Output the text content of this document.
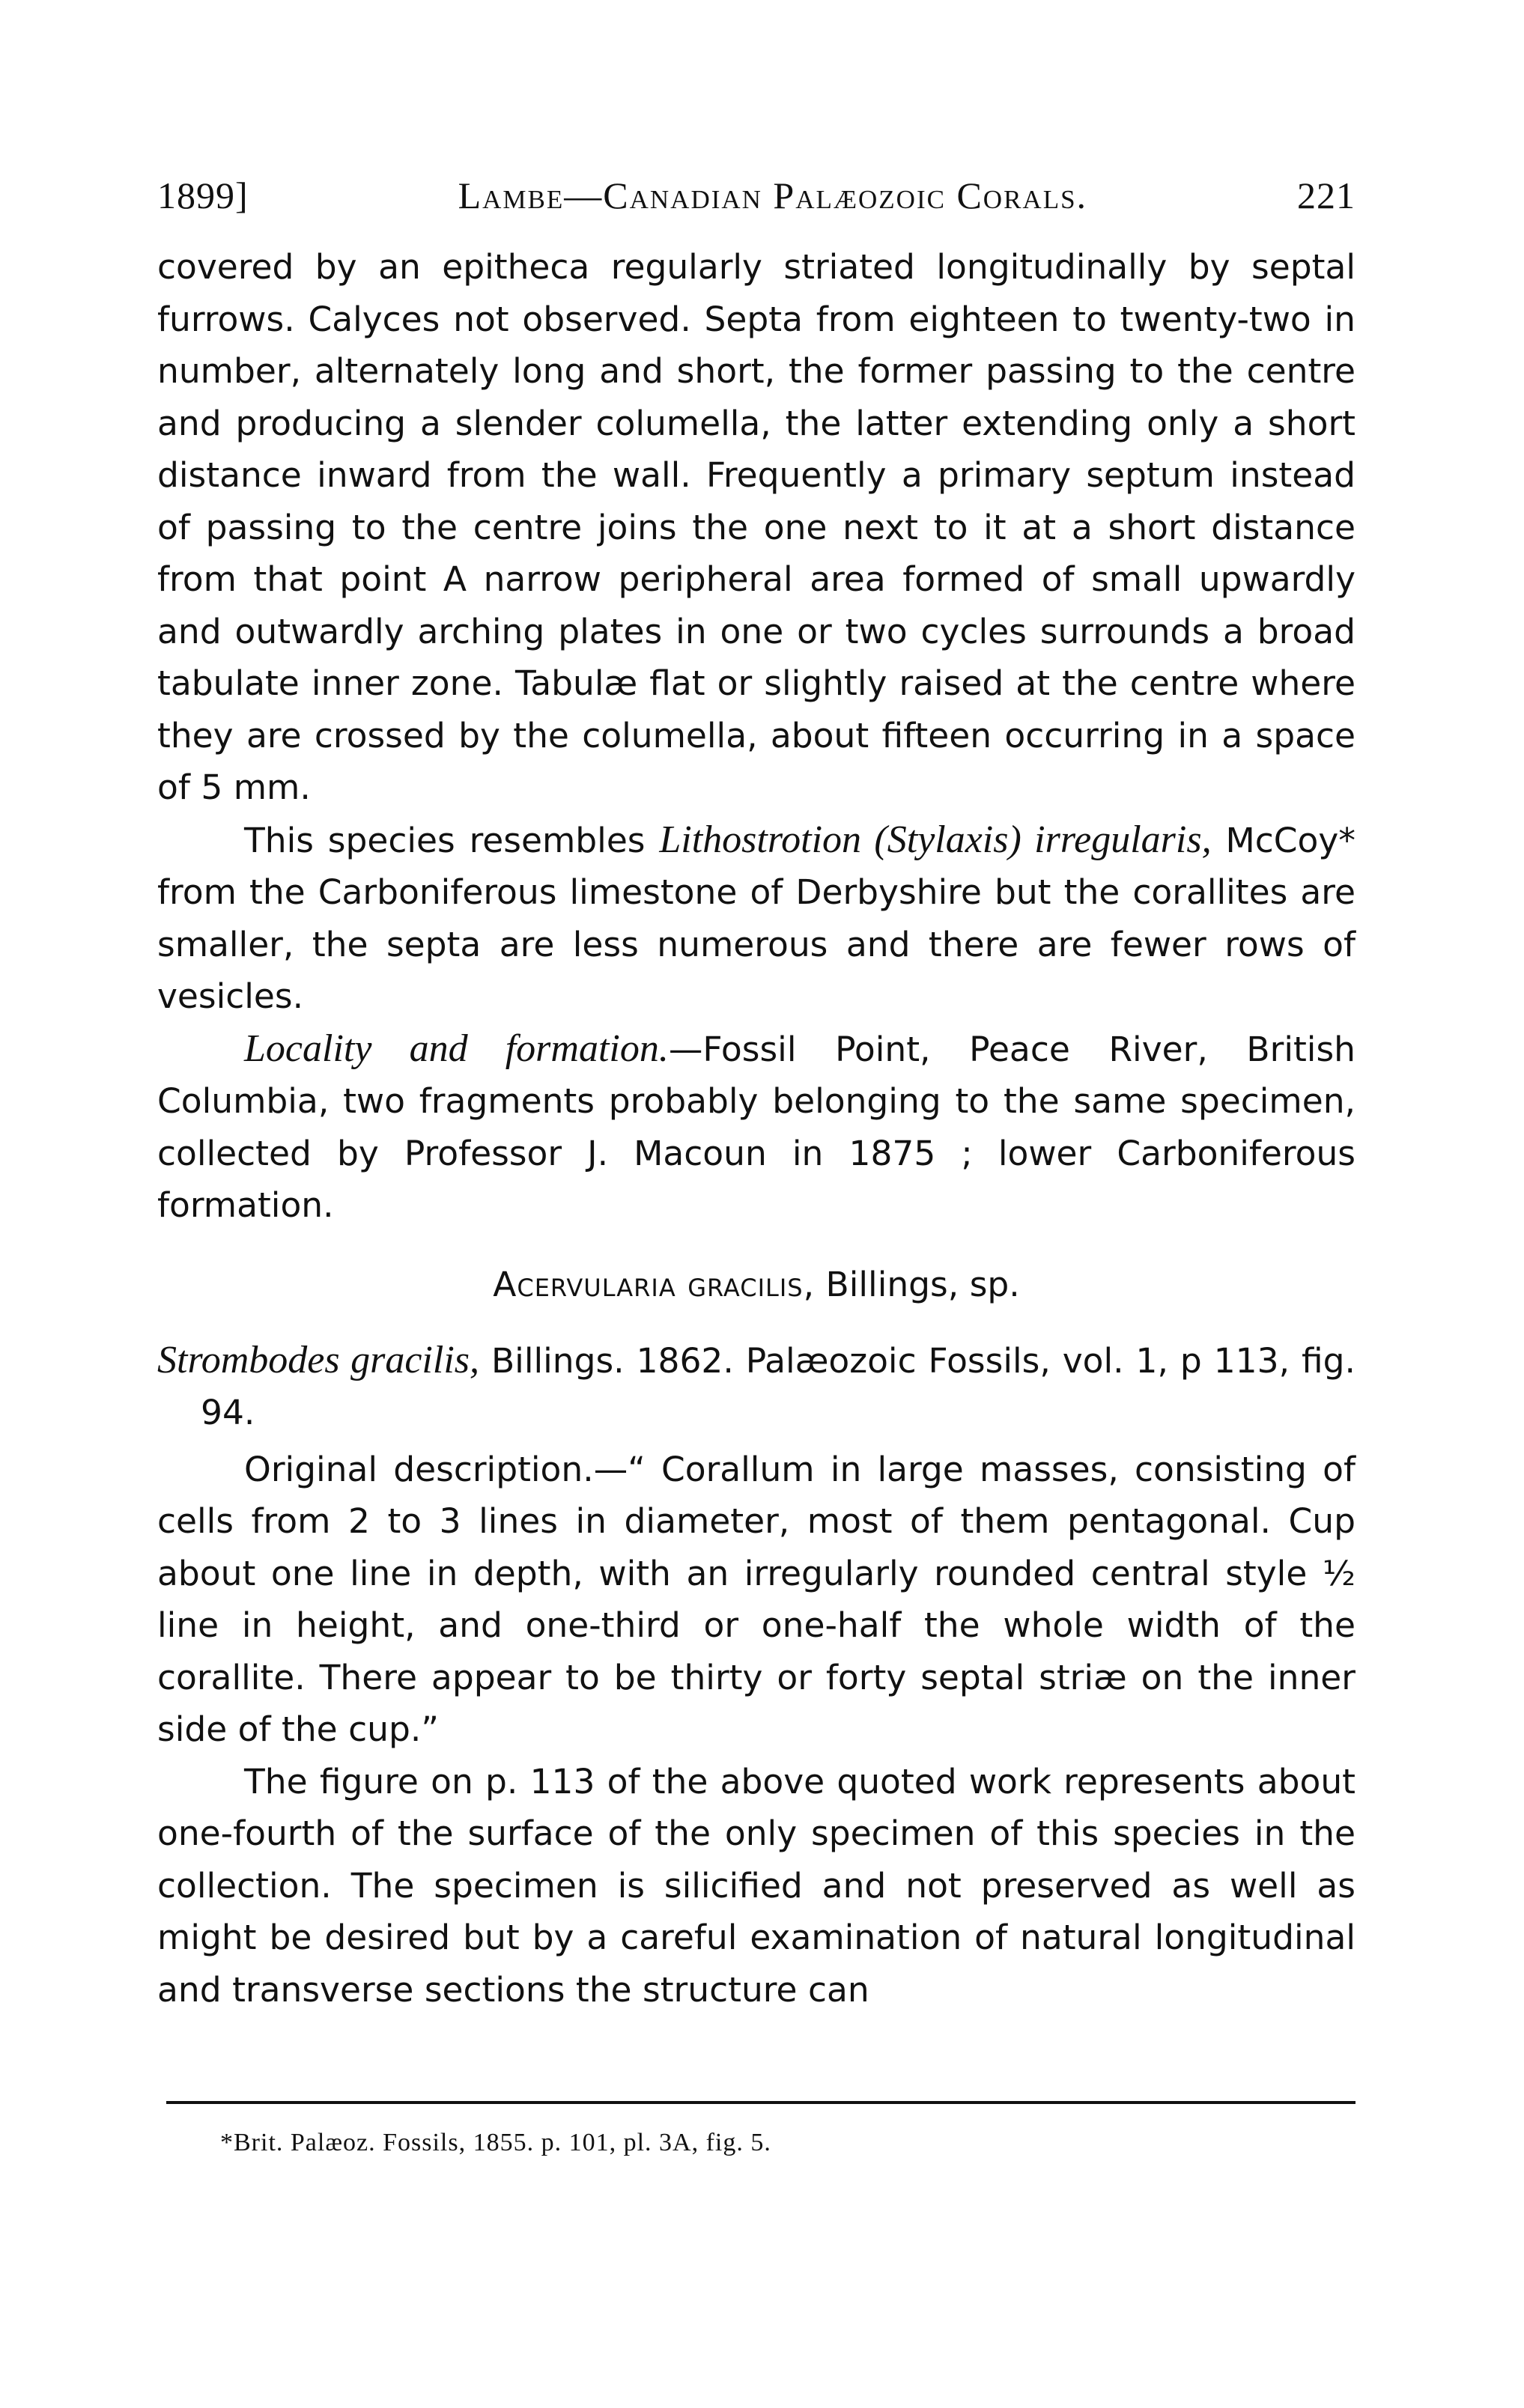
1899]	Lambe—Canadian Palæozoic Corals.	221

covered by an epitheca regularly striated longitudinally by septal furrows. Calyces not observed. Septa from eighteen to twenty-two in number, alternately long and short, the former passing to the centre and producing a slender columella, the latter extending only a short distance inward from the wall. Frequently a primary septum instead of passing to the centre joins the one next to it at a short distance from that point A narrow peripheral area formed of small upwardly and outwardly arching plates in one or two cycles surrounds a broad tabulate inner zone. Tabulæ flat or slightly raised at the centre where they are crossed by the columella, about fifteen occurring in a space of 5 mm.

This species resembles Lithostrotion (Stylaxis) irregularis, McCoy* from the Carboniferous limestone of Derbyshire but the corallites are smaller, the septa are less numerous and there are fewer rows of vesicles.

Locality and formation.—Fossil Point, Peace River, British Columbia, two fragments probably belonging to the same specimen, collected by Professor J. Macoun in 1875 ; lower Carboniferous formation.

Acervularia gracilis, Billings, sp.

Strombodes gracilis, Billings. 1862. Palæozoic Fossils, vol. 1, p 113, fig. 94.

Original description.—“ Corallum in large masses, consisting of cells from 2 to 3 lines in diameter, most of them pentagonal. Cup about one line in depth, with an irregularly rounded central style ½ line in height, and one-third or one-half the whole width of the corallite. There appear to be thirty or forty septal striæ on the inner side of the cup.”

The figure on p. 113 of the above quoted work represents about one-fourth of the surface of the only specimen of this species in the collection. The specimen is silicified and not preserved as well as might be desired but by a careful examination of natural longitudinal and transverse sections the structure can

*Brit. Palæoz. Fossils, 1855. p. 101, pl. 3A, fig. 5.
